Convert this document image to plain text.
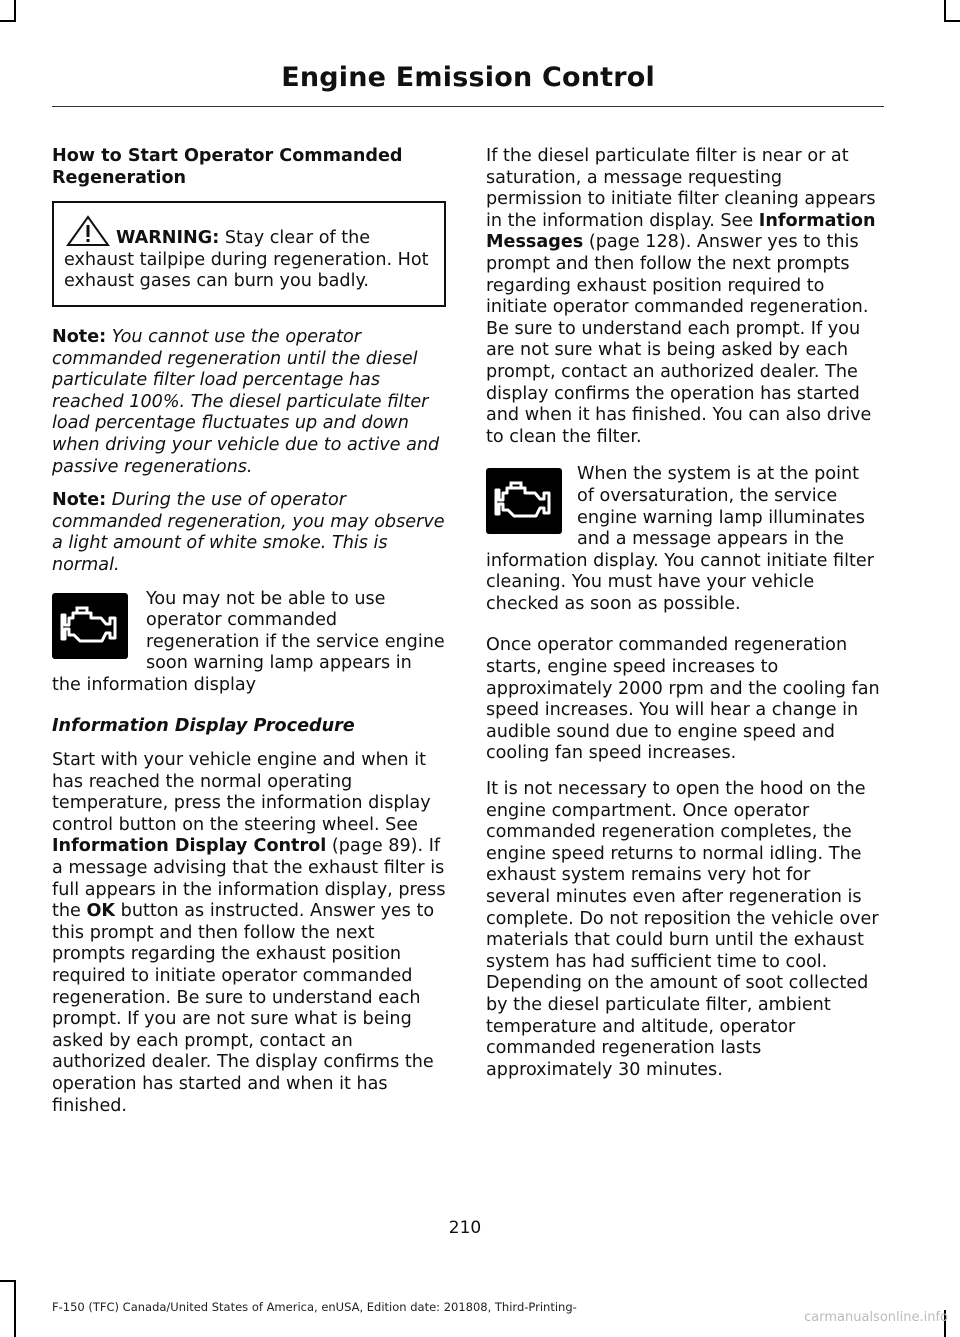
Engine Emission Control

How to Start Operator Commanded Regeneration

WARNING: Stay clear of the exhaust tailpipe during regeneration. Hot exhaust gases can burn you badly.

Note: You cannot use the operator commanded regeneration until the diesel particulate filter load percentage has reached 100%. The diesel particulate filter load percentage fluctuates up and down when driving your vehicle due to active and passive regenerations.

Note: During the use of operator commanded regeneration, you may observe a light amount of white smoke. This is normal.

You may not be able to use operator commanded regeneration if the service engine soon warning lamp appears in the information display

Information Display Procedure

Start with your vehicle engine and when it has reached the normal operating temperature, press the information display control button on the steering wheel. See Information Display Control (page 89). If a message advising that the exhaust filter is full appears in the information display, press the OK button as instructed. Answer yes to this prompt and then follow the next prompts regarding the exhaust position required to initiate operator commanded regeneration. Be sure to understand each prompt. If you are not sure what is being asked by each prompt, contact an authorized dealer. The display confirms the operation has started and when it has finished.

If the diesel particulate filter is near or at saturation, a message requesting permission to initiate filter cleaning appears in the information display. See Information Messages (page 128). Answer yes to this prompt and then follow the next prompts regarding exhaust position required to initiate operator commanded regeneration. Be sure to understand each prompt. If you are not sure what is being asked by each prompt, contact an authorized dealer. The display confirms the operation has started and when it has finished. You can also drive to clean the filter.

When the system is at the point of oversaturation, the service engine warning lamp illuminates and a message appears in the information display. You cannot initiate filter cleaning. You must have your vehicle checked as soon as possible.

Once operator commanded regeneration starts, engine speed increases to approximately 2000 rpm and the cooling fan speed increases. You will hear a change in audible sound due to engine speed and cooling fan speed increases.

It is not necessary to open the hood on the engine compartment. Once operator commanded regeneration completes, the engine speed returns to normal idling. The exhaust system remains very hot for several minutes even after regeneration is complete. Do not reposition the vehicle over materials that could burn until the exhaust system has had sufficient time to cool. Depending on the amount of soot collected by the diesel particulate filter, ambient temperature and altitude, operator commanded regeneration lasts approximately 30 minutes.

210
F-150 (TFC) Canada/United States of America, enUSA, Edition date: 201808, Third-Printing-
carmanualsonline.info
